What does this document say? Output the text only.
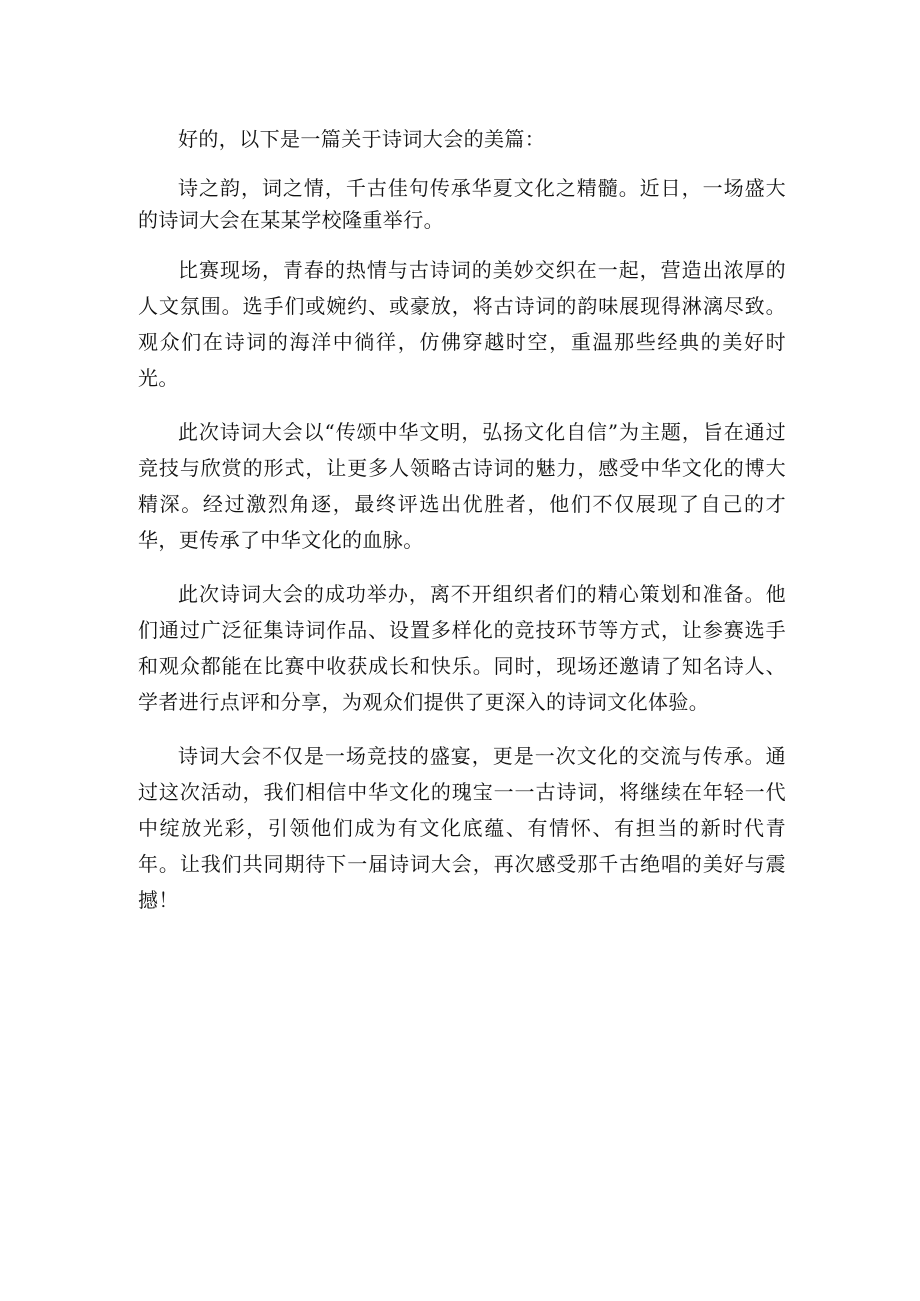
好的，以下是一篇关于诗词大会的美篇：

诗之韵，词之情，千古佳句传承华夏文化之精髓。近日，一场盛大的诗词大会在某某学校隆重举行。

比赛现场，青春的热情与古诗词的美妙交织在一起，营造出浓厚的人文氛围。选手们或婉约、或豪放，将古诗词的韵味展现得淋漓尽致。观众们在诗词的海洋中徜徉，仿佛穿越时空，重温那些经典的美好时光。

此次诗词大会以“传颂中华文明，弘扬文化自信”为主题，旨在通过竞技与欣赏的形式，让更多人领略古诗词的魅力，感受中华文化的博大精深。经过激烈角逐，最终评选出优胜者，他们不仅展现了自己的才华，更传承了中华文化的血脉。

此次诗词大会的成功举办，离不开组织者们的精心策划和准备。他们通过广泛征集诗词作品、设置多样化的竞技环节等方式，让参赛选手和观众都能在比赛中收获成长和快乐。同时，现场还邀请了知名诗人、学者进行点评和分享，为观众们提供了更深入的诗词文化体验。

诗词大会不仅是一场竞技的盛宴，更是一次文化的交流与传承。通过这次活动，我们相信中华文化的瑰宝一一古诗词，将继续在年轻一代中绽放光彩，引领他们成为有文化底蕴、有情怀、有担当的新时代青年。让我们共同期待下一届诗词大会，再次感受那千古绝唱的美好与震撼！
